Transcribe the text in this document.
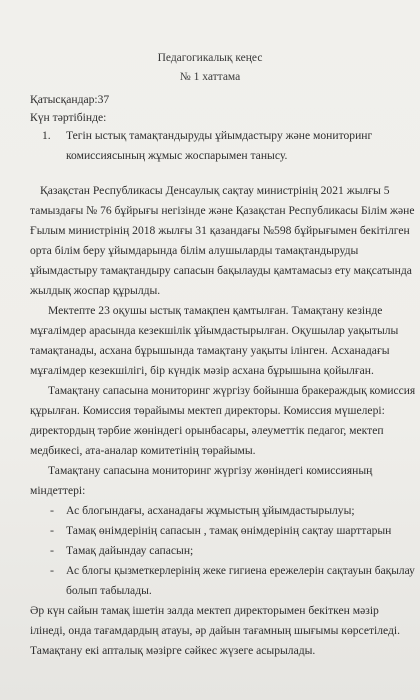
Педагогикалық кеңес
№ 1 хаттама
Қатысқандар:37
Күн тәртібінде:
1. Тегін ыстық тамақтандыруды ұйымдастыру және мониторинг
комиссиясының жұмыс жоспарымен танысу.
Қазақстан Республикасы Денсаулық сақтау министрінің 2021 жылғы 5
тамыздағы № 76 бұйрығы негізінде және Қазақстан Республикасы Білім және
Ғылым министрінің 2018 жылғы 31 қазандағы №598 бұйрығымен бекітілген
орта білім беру ұйымдарында білім алушыларды тамақтандыруды
ұйымдастыру тамақтандыру сапасын бақылауды қамтамасыз ету мақсатында
жылдық жоспар құрылды.
Мектепте 23 оқушы ыстық тамақпен қамтылған. Тамақтану кезінде
мұғалімдер арасында кезекшілік ұйымдастырылған. Оқушылар уақытылы
тамақтанады, асхана бұрышында тамақтану уақыты ілінген. Асханадағы
мұғалімдер кезекшілігі, бір күндік мәзір асхана бұрышына қойылған.
Тамақтану сапасына мониторинг жүргізу бойынша бракераждық комиссия
құрылған. Комиссия төрайымы мектеп директоры. Комиссия мүшелері:
директордың тәрбие жөніндегі орынбасары, әлеуметтік педагог, мектеп
медбикесі, ата-аналар комитетінің төрайымы.
Тамақтану сапасына мониторинг жүргізу жөніндегі комиссияның
міндеттері:
- Ас блогындағы, асханадағы жұмыстың ұйымдастырылуы;
- Тамақ өнімдерінің сапасын , тамақ өнімдерінің сақтау шарттарын
- Тамақ дайындау сапасын;
- Ас блогы қызметкерлерінің жеке гигиена ережелерін сақтауын бақылау
болып табылады.
Әр күн сайын тамақ ішетін залда мектеп директорымен бекіткен мәзір
ілінеді, онда тағамдардың атауы, әр дайын тағамның шығымы көрсетіледі.
Тамақтану екі апталық мәзірге сәйкес жүзеге асырылады.
